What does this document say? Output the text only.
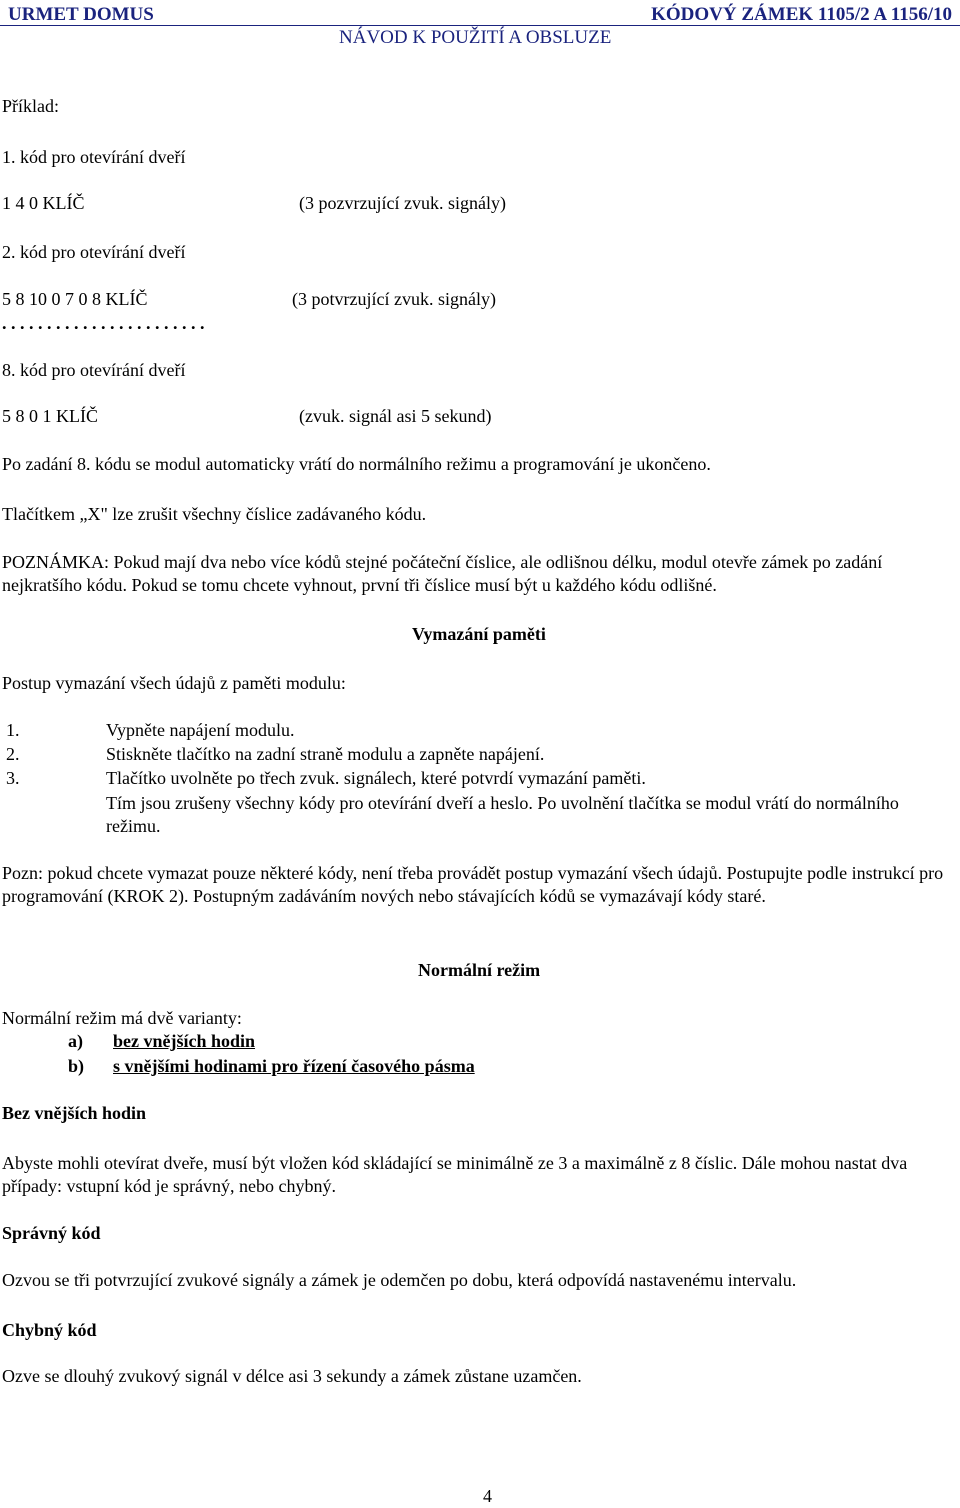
URMET DOMUS	KÓDOVÝ ZÁMEK 1105/2 A 1156/10
NÁVOD K POUŽITÍ A OBSLUZE
Příklad:
1. kód pro otevírání dveří
1 4 0 KLÍČ	(3 pozvrzující zvuk. signály)
2. kód pro otevírání dveří
5 8 10 0 7 0 8 KLÍČ	(3 potvrzující zvuk. signály)
. . . . . . . . . . . . . . . . . . . . . . .
8. kód pro otevírání dveří
5 8 0 1 KLÍČ	(zvuk. signál asi 5 sekund)
Po zadání 8. kódu se modul automaticky vrátí do normálního režimu a programování je ukončeno.
Tlačítkem „X" lze zrušit všechny číslice zadávaného kódu.
POZNÁMKA: Pokud mají dva nebo více kódů stejné počáteční číslice, ale odlišnou délku, modul otevře zámek po zadání nejkratšího kódu. Pokud se tomu chcete vyhnout, první tři číslice musí být u každého kódu odlišné.
Vymazání paměti
Postup vymazání všech údajů z paměti modulu:
1.	Vypněte napájení modulu.
2.	Stiskněte tlačítko na zadní straně modulu a zapněte napájení.
3.	Tlačítko uvolněte po třech zvuk. signálech, které potvrdí vymazání paměti.
Tím jsou zrušeny všechny kódy pro otevírání dveří a heslo. Po uvolnění tlačítka se modul vrátí do normálního režimu.
Pozn: pokud chcete vymazat pouze některé kódy, není třeba provádět postup vymazání všech údajů. Postupujte podle instrukcí pro programování (KROK 2). Postupným zadáváním nových nebo stávajících kódů se vymazávají kódy staré.
Normální režim
Normální režim má dvě varianty:
a) bez vnějších hodin
b) s vnějšími hodinami pro řízení časového pásma
Bez vnějších hodin
Abyste mohli otevírat dveře, musí být vložen kód skládající se minimálně ze 3 a maximálně z 8 číslic. Dále mohou nastat dva případy: vstupní kód je správný, nebo chybný.
Správný kód
Ozvou se tři potvrzující zvukové signály a zámek je odemčen po dobu, která odpovídá nastavenému intervalu.
Chybný kód
Ozve se dlouhý zvukový signál v délce asi 3 sekundy a zámek zůstane uzamčen.
4
